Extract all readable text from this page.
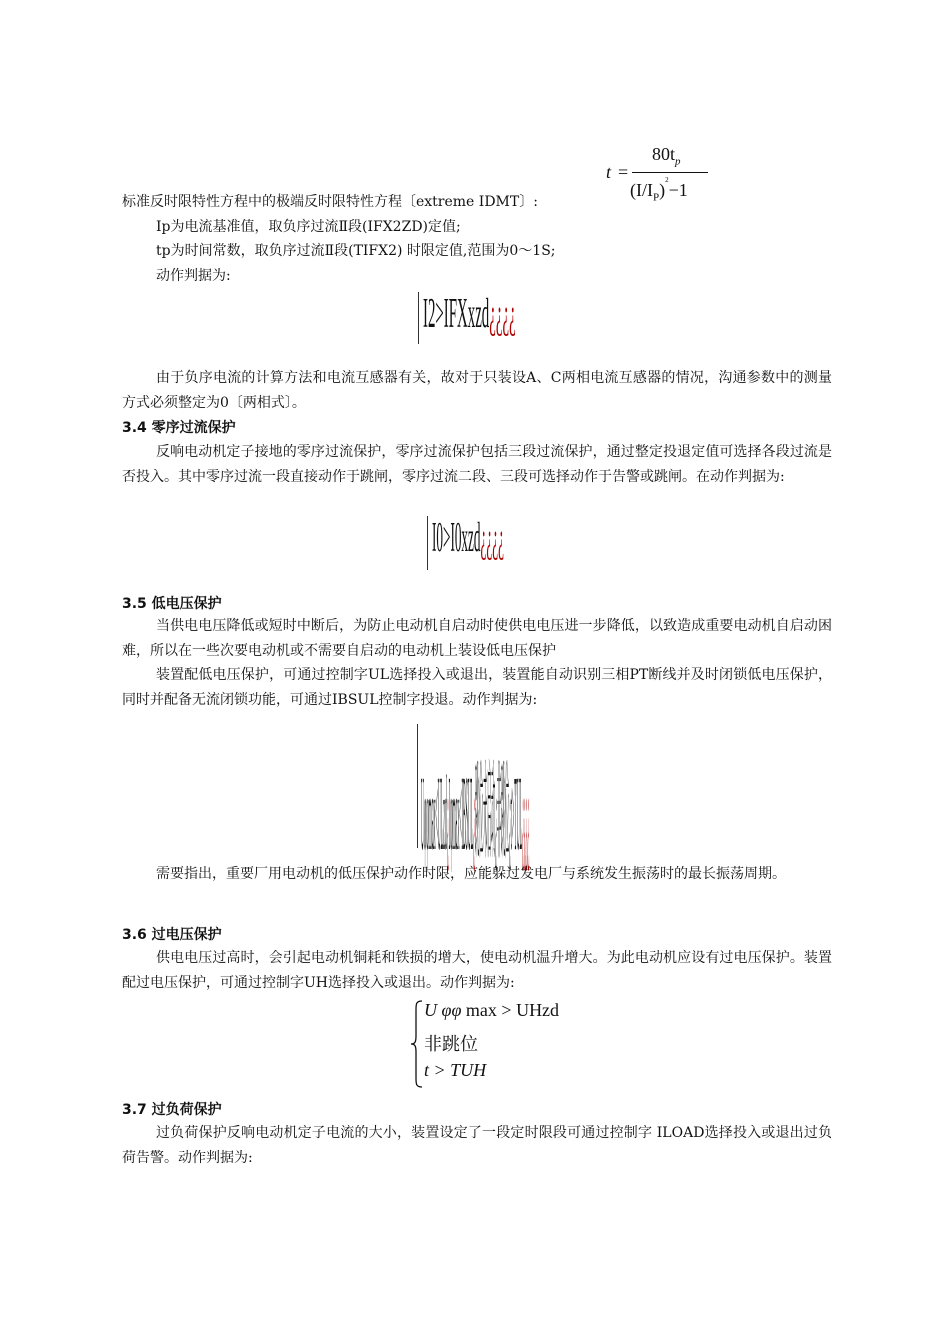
t =
$80t_p$
$(I/I_P)^2-1$
标准反时限特性方程中的极端反时限特性方程〔extreme IDMT〕:
Ip为电流基准值，取负序过流Ⅱ段(IFX2ZD)定值;
tp为时间常数，取负序过流Ⅱ段(TIFX2) 时限定值,范围为0～1S;
动作判据为:
I2>IFXxzd¿¿¿¿

由于负序电流的计算方法和电流互感器有关，故对于只装设A、C两相电流互感器的情况，沟通参数中的测量方式必须整定为0〔两相式〕。

3.4 零序过流保护

反响电动机定子接地的零序过流保护，零序过流保护包括三段过流保护，通过整定投退定值可选择各段过流是否投入。其中零序过流一段直接动作于跳闸，零序过流二段、三段可选择动作于告警或跳闸。在动作判据为:

I0>I0xzd¿¿¿¿
3.5 低电压保护

当供电电压降低或短时中断后，为防止电动机自启动时使供电电压进一步降低，以致造成重要电动机自启动困难，所以在一些次要电动机或不需要自启动的电动机上装设低电压保护

装置配低电压保护，可通过控制字UL选择投入或退出，装置能自动识别三相PT断线并及时闭锁低电压保护，同时并配备无流闭锁功能，可通过IBSUL控制字投退。动作判据为:

Uφφmax<ULzd¿Iφmax<IBSUL¿跳位未启动¿非跳位¿t>TUL¿¿¿¿

需要指出，重要厂用电动机的低压保护动作时限，应能躲过发电厂与系统发生振荡时的最长振荡周期。

3.6 过电压保护

供电电压过高时，会引起电动机铜耗和铁损的增大，使电动机温升增大。为此电动机应设有过电压保护。装置配过电压保护，可通过控制字UH选择投入或退出。动作判据为:

U φφ max > UHzd
非跳位
t > TUH
3.7 过负荷保护

过负荷保护反响电动机定子电流的大小，装置设定了一段定时限段可通过控制字 ILOAD选择投入或退出过负荷告警。动作判据为:
